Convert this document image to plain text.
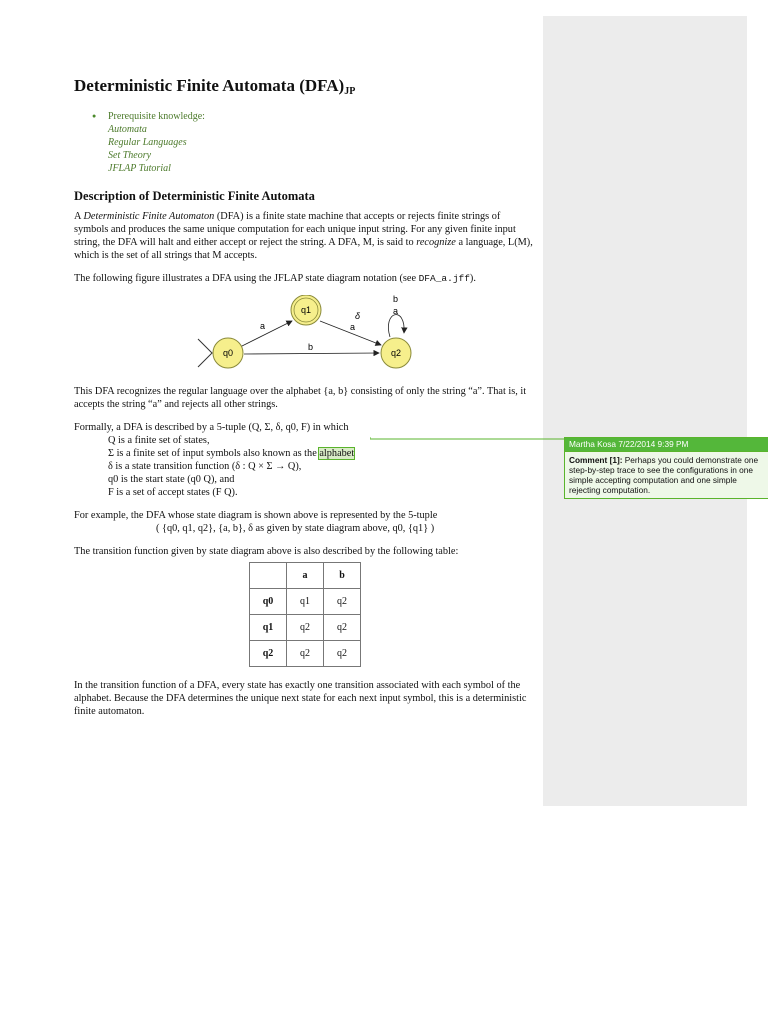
Deterministic Finite Automata $(DFA)_{JP}$
● Prerequisite knowledge:
Automata
Regular Languages
Set Theory
JFLAP Tutorial
Description of Deterministic Finite Automata

A Deterministic Finite Automaton (DFA) is a finite state machine that accepts or rejects finite strings of symbols and produces the same unique computation for each unique input string. For any given finite input string, the DFA will halt and either accept or reject the string. A DFA, M, is said to recognize a language, L(M), which is the set of all strings that M accepts.

The following figure illustrates a DFA using the JFLAP state diagram notation (see DFA_a.jff).

a
b
δ
a
b
a
q0
q1
q2

This DFA recognizes the regular language over the alphabet {a, b} consisting of only the string “a”. That is, it accepts the string “a” and rejects all other strings.

Formally, a DFA is described by a 5-tuple (Q, Σ, δ, q0, F) in which
Q is a finite set of states,
Σ is a finite set of input symbols also known as the alphabet
δ is a state transition function (δ : Q × Σ → Q),
q0 is the start state (q0 Q), and
F is a set of accept states (F Q).
For example, the DFA whose state diagram is shown above is represented by the 5-tuple
( {q0, q1, q2}, {a, b}, δ as given by state diagram above, q0, {q1} )

The transition function given by state diagram above is also described by the following table:

	a	b
q0	q1	q2
q1	q2	q2
q2	q2	q2

In the transition function of a DFA, every state has exactly one transition associated with each symbol of the alphabet. Because the DFA determines the unique next state for each next input symbol, this is a deterministic finite automaton.

Martha Kosa 7/22/2014 9:39 PM
Comment [1]: Perhaps you could demonstrate one step-by-step trace to see the configurations in one simple accepting computation and one simple rejecting computation.
